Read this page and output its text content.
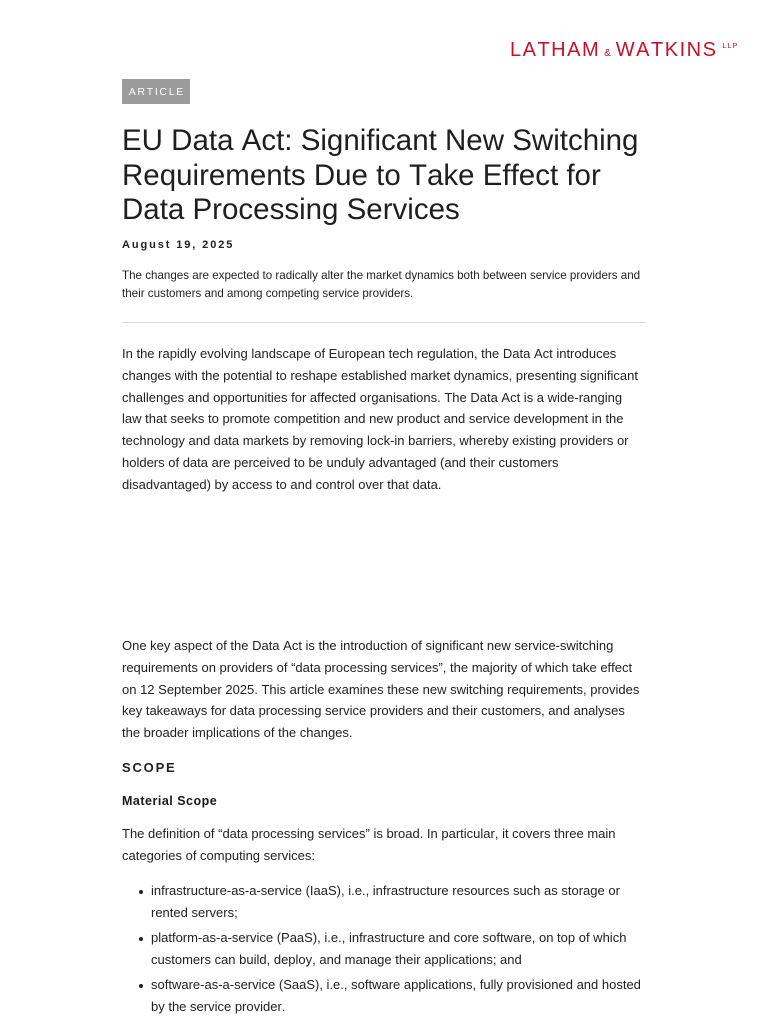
LATHAM & WATKINS $^{LLP}$
ARTICLE
EU Data Act: Significant New Switching Requirements Due to Take Effect for Data Processing Services
August 19, 2025

The changes are expected to radically alter the market dynamics both between service providers and their customers and among competing service providers.

In the rapidly evolving landscape of European tech regulation, the Data Act introduces changes with the potential to reshape established market dynamics, presenting significant challenges and opportunities for affected organisations. The Data Act is a wide-ranging law that seeks to promote competition and new product and service development in the technology and data markets by removing lock-in barriers, whereby existing providers or holders of data are perceived to be unduly advantaged (and their customers disadvantaged) by access to and control over that data.

One key aspect of the Data Act is the introduction of significant new service-switching requirements on providers of “data processing services”, the majority of which take effect on 12 September 2025. This article examines these new switching requirements, provides key takeaways for data processing service providers and their customers, and analyses the broader implications of the changes.

SCOPE
Material Scope

The definition of “data processing services” is broad. In particular, it covers three main categories of computing services:

infrastructure-as-a-service (IaaS), i.e., infrastructure resources such as storage or rented servers;
platform-as-a-service (PaaS), i.e., infrastructure and core software, on top of which customers can build, deploy, and manage their applications; and
software-as-a-service (SaaS), i.e., software applications, fully provisioned and hosted by the service provider.
